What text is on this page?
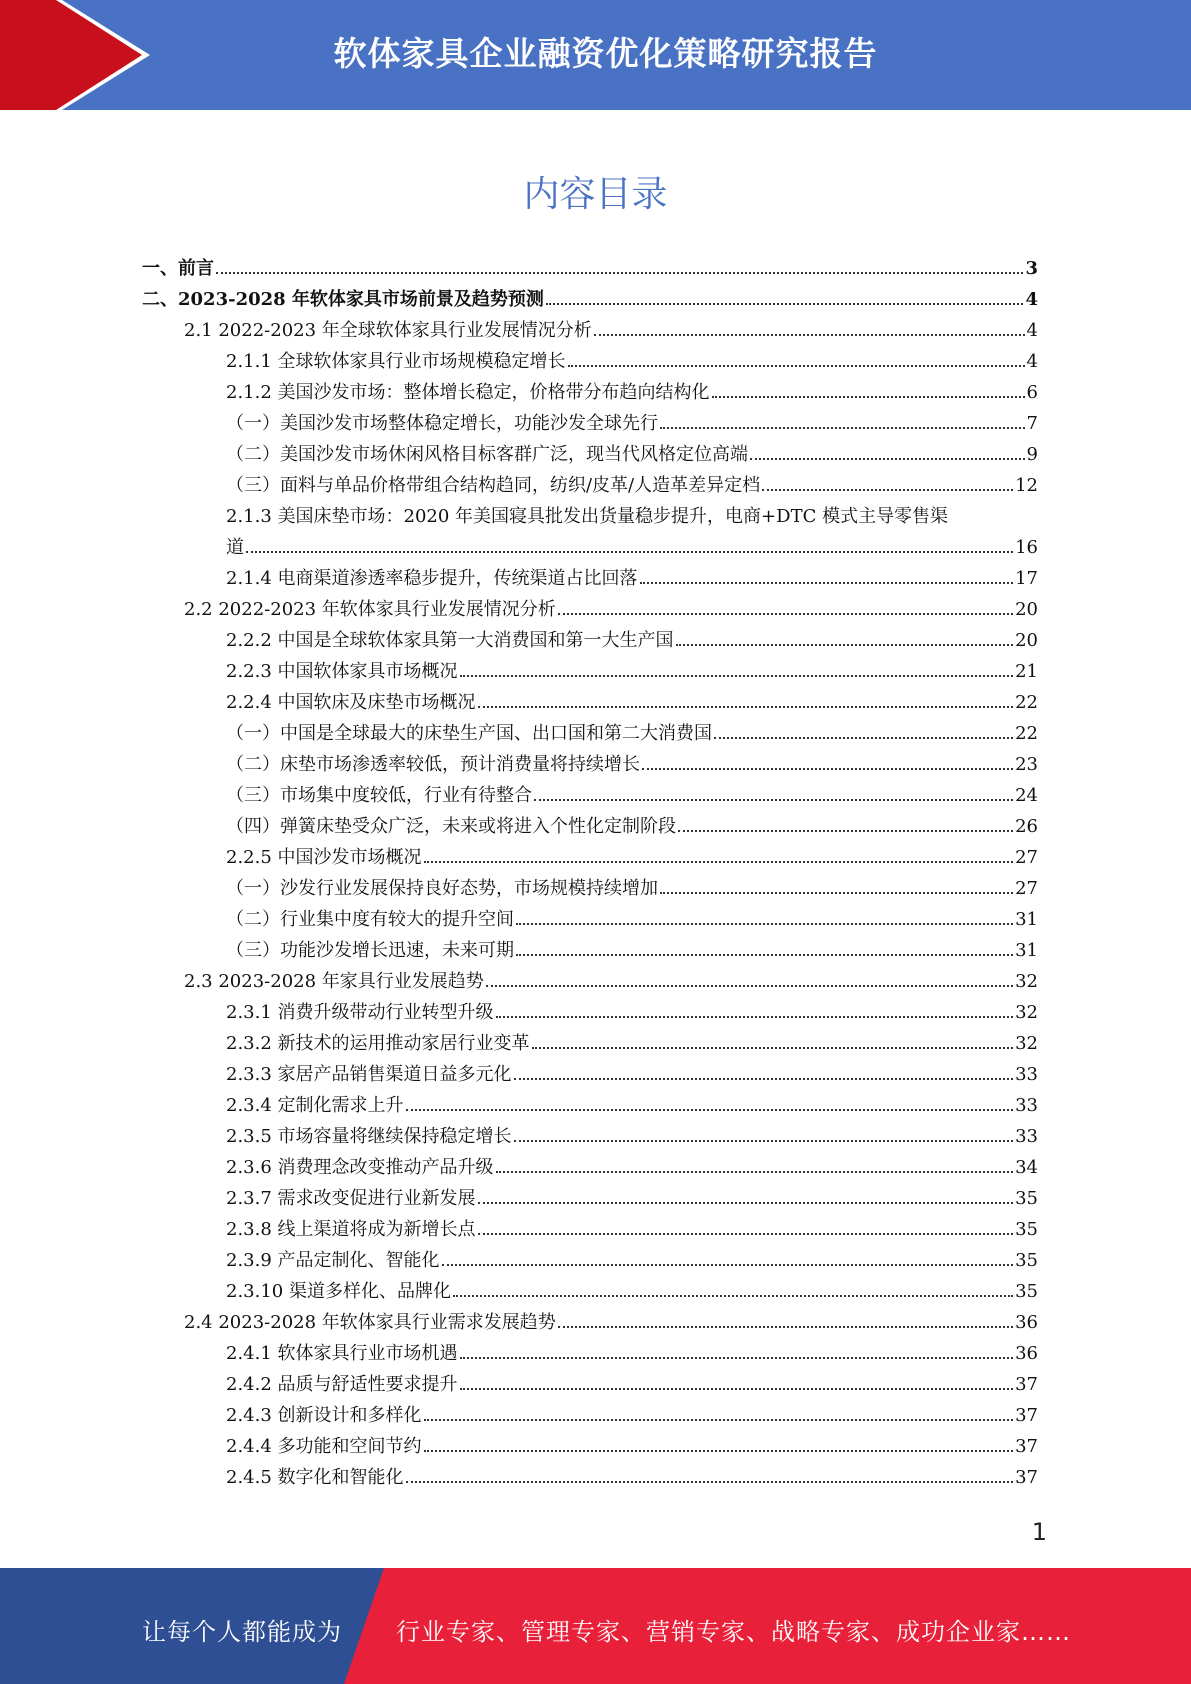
软体家具企业融资优化策略研究报告
内容目录
一、前言	3
二、2023-2028 年软体家具市场前景及趋势预测	4
2.1 2022-2023 年全球软体家具行业发展情况分析	4
2.1.1 全球软体家具行业市场规模稳定增长	4
2.1.2 美国沙发市场：整体增长稳定，价格带分布趋向结构化	6
（一）美国沙发市场整体稳定增长，功能沙发全球先行	7
（二）美国沙发市场休闲风格目标客群广泛，现当代风格定位高端	9
（三）面料与单品价格带组合结构趋同，纺织/皮革/人造革差异定档	12
2.1.3 美国床垫市场：2020 年美国寝具批发出货量稳步提升，电商+DTC 模式主导零售渠
道	16
2.1.4 电商渠道渗透率稳步提升，传统渠道占比回落	17
2.2 2022-2023 年软体家具行业发展情况分析	20
2.2.2 中国是全球软体家具第一大消费国和第一大生产国	20
2.2.3 中国软体家具市场概况	21
2.2.4 中国软床及床垫市场概况	22
（一）中国是全球最大的床垫生产国、出口国和第二大消费国	22
（二）床垫市场渗透率较低，预计消费量将持续增长	23
（三）市场集中度较低，行业有待整合	24
（四）弹簧床垫受众广泛，未来或将进入个性化定制阶段	26
2.2.5 中国沙发市场概况	27
（一）沙发行业发展保持良好态势，市场规模持续增加	27
（二）行业集中度有较大的提升空间	31
（三）功能沙发增长迅速，未来可期	31
2.3 2023-2028 年家具行业发展趋势	32
2.3.1 消费升级带动行业转型升级	32
2.3.2 新技术的运用推动家居行业变革	32
2.3.3 家居产品销售渠道日益多元化	33
2.3.4 定制化需求上升	33
2.3.5 市场容量将继续保持稳定增长	33
2.3.6 消费理念改变推动产品升级	34
2.3.7 需求改变促进行业新发展	35
2.3.8 线上渠道将成为新增长点	35
2.3.9 产品定制化、智能化	35
2.3.10 渠道多样化、品牌化	35
2.4 2023-2028 年软体家具行业需求发展趋势	36
2.4.1 软体家具行业市场机遇	36
2.4.2 品质与舒适性要求提升	37
2.4.3 创新设计和多样化	37
2.4.4 多功能和空间节约	37
2.4.5 数字化和智能化	37
1
让每个人都能成为 行业专家、管理专家、营销专家、战略专家、成功企业家……
